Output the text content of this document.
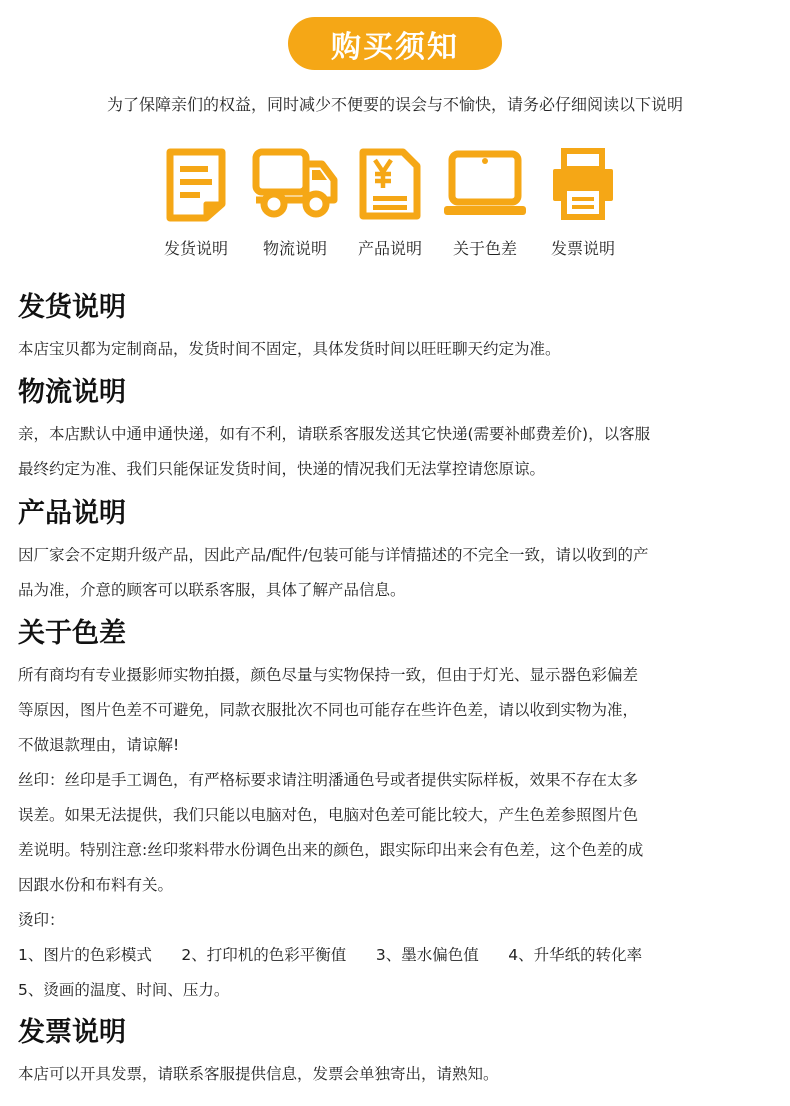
购买须知
为了保障亲们的权益，同时减少不便要的误会与不愉快，请务必仔细阅读以下说明
发货说明	物流说明	产品说明	关于色差	发票说明
发货说明

本店宝贝都为定制商品，发货时间不固定，具体发货时间以旺旺聊天约定为准。

物流说明

亲，本店默认中通申通快递，如有不利，请联系客服发送其它快递(需要补邮费差价)，以客服

最终约定为准、我们只能保证发货时间，快递的情况我们无法掌控请您原谅。

产品说明

因厂家会不定期升级产品，因此产品/配件/包装可能与详情描述的不完全一致，请以收到的产

品为准，介意的顾客可以联系客服，具体了解产品信息。

关于色差

所有商均有专业摄影师实物拍摄，颜色尽量与实物保持一致，但由于灯光、显示器色彩偏差

等原因，图片色差不可避免，同款衣服批次不同也可能存在些许色差，请以收到实物为准，

不做退款理由，请谅解!

丝印：丝印是手工调色，有严格标要求请注明潘通色号或者提供实际样板，效果不存在太多

误差。如果无法提供，我们只能以电脑对色，电脑对色差可能比较大，产生色差参照图片色

差说明。特别注意:丝印浆料带水份调色出来的颜色，跟实际印出来会有色差，这个色差的成

因跟水份和布料有关。

烫印：

1、图片的色彩模式      2、打印机的色彩平衡值      3、墨水偏色值      4、升华纸的转化率

5、烫画的温度、时间、压力。

发票说明

本店可以开具发票，请联系客服提供信息，发票会单独寄出，请熟知。
